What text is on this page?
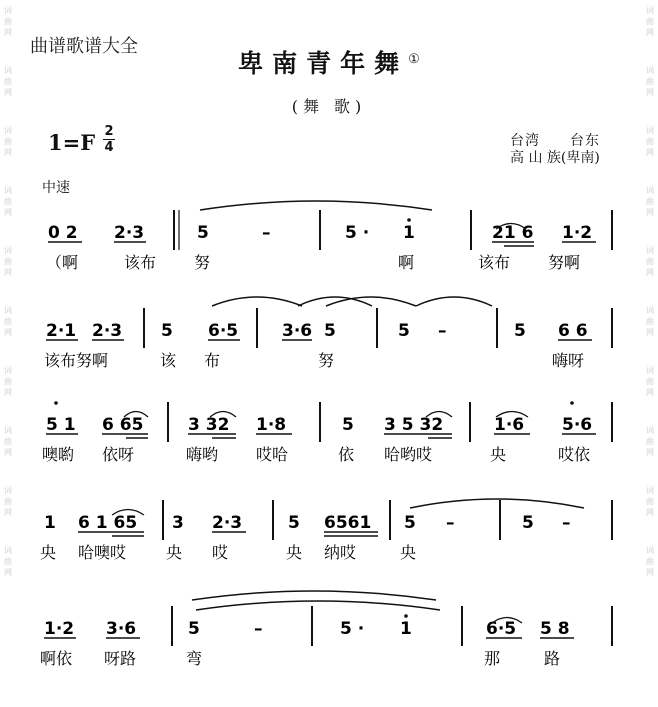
词
曲
网
词
曲
网
词
曲
网
词
曲
网
词
曲
网
词
曲
网
词
曲
网
词
曲
网
词
曲
网
词
曲
网
词
曲
网
词
曲
网
词
曲
网
词
曲
网
词
曲
网
词
曲
网
词
曲
网
词
曲
网
词
曲
网
词
曲
网
曲谱歌谱大全
卑南青年舞①
(舞 歌)
1=F 2
4	台湾　　台东
高 山 族(卑南)
中速
0 2 2·3	5	–	5 · 1	21 6 1·2
（啊	该布 努	啊	该布 努啊
2·1 2·3 5 6·5	3·6 5	5 –	5 6 6
该布努啊	该 布	努	嗨呀
5 1 6 65	3 32 1·8	5 3 5 32	1·6 5·6
噢喲 依呀	嗨哟 哎哈	依 哈哟哎	央	哎依
1 6 1 65 3 2·3	5 6561 5 –	5 –
央 哈噢哎 央 哎	央 纳哎	央
1·2 3·6	5	–	5 · 1	6·5 5 8
啊依 呀路	弯	那	路
